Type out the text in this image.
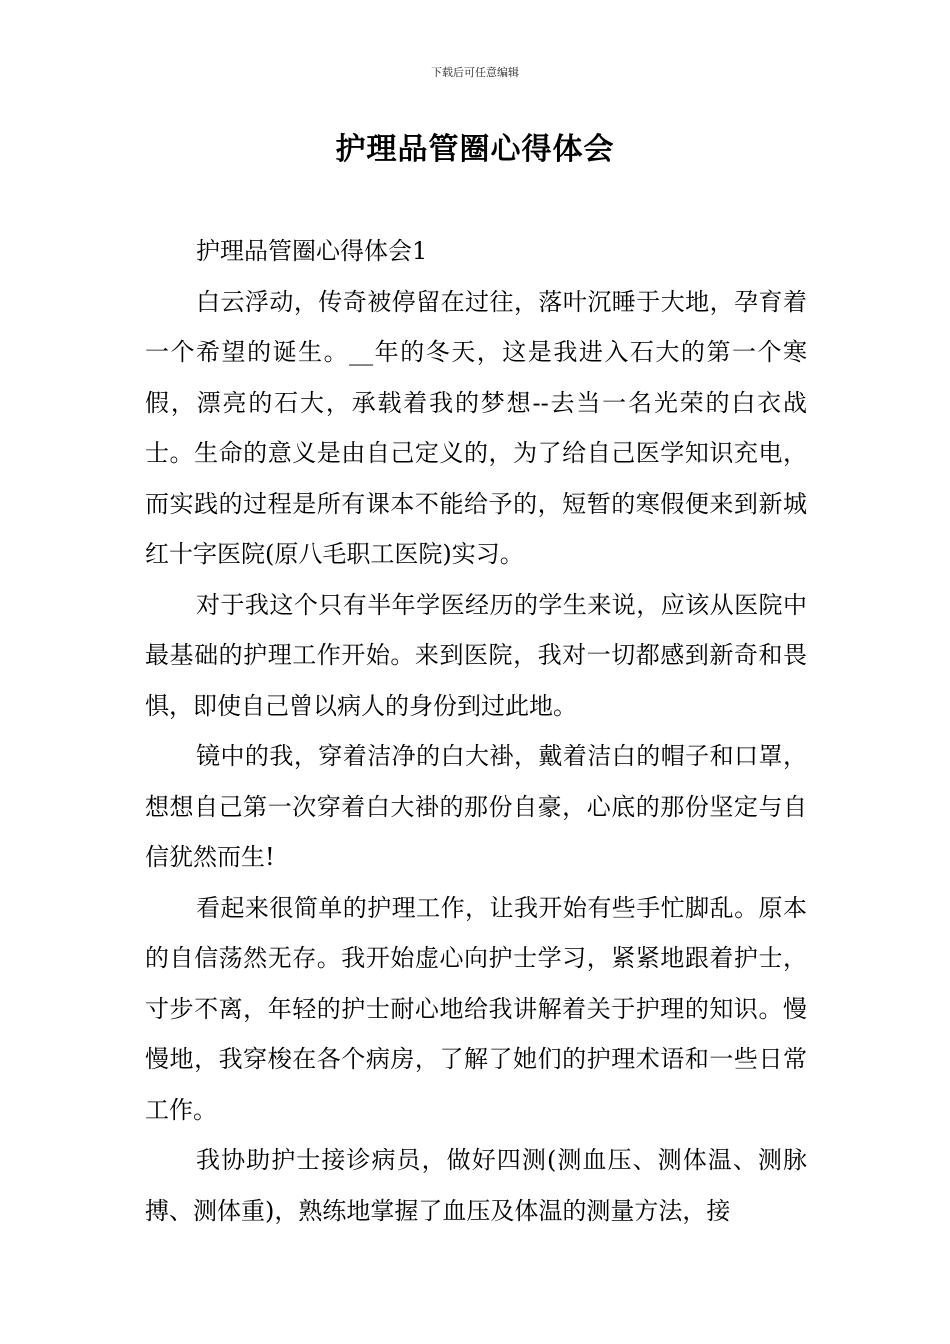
下载后可任意编辑
护理品管圈心得体会

护理品管圈心得体会1

白云浮动，传奇被停留在过往，落叶沉睡于大地，孕育着一个希望的诞生。__年的冬天，这是我进入石大的第一个寒假，漂亮的石大，承载着我的梦想--去当一名光荣的白衣战士。生命的意义是由自己定义的，为了给自己医学知识充电，而实践的过程是所有课本不能给予的，短暂的寒假便来到新城红十字医院(原八毛职工医院)实习。

对于我这个只有半年学医经历的学生来说，应该从医院中最基础的护理工作开始。来到医院，我对一切都感到新奇和畏惧，即使自己曾以病人的身份到过此地。

镜中的我，穿着洁净的白大褂，戴着洁白的帽子和口罩，想想自己第一次穿着白大褂的那份自豪，心底的那份坚定与自信犹然而生!

看起来很简单的护理工作，让我开始有些手忙脚乱。原本的自信荡然无存。我开始虚心向护士学习，紧紧地跟着护士，寸步不离，年轻的护士耐心地给我讲解着关于护理的知识。慢慢地，我穿梭在各个病房，了解了她们的护理术语和一些日常工作。

我协助护士接诊病员，做好四测(测血压、测体温、测脉搏、测体重)，熟练地掌握了血压及体温的测量方法，接
